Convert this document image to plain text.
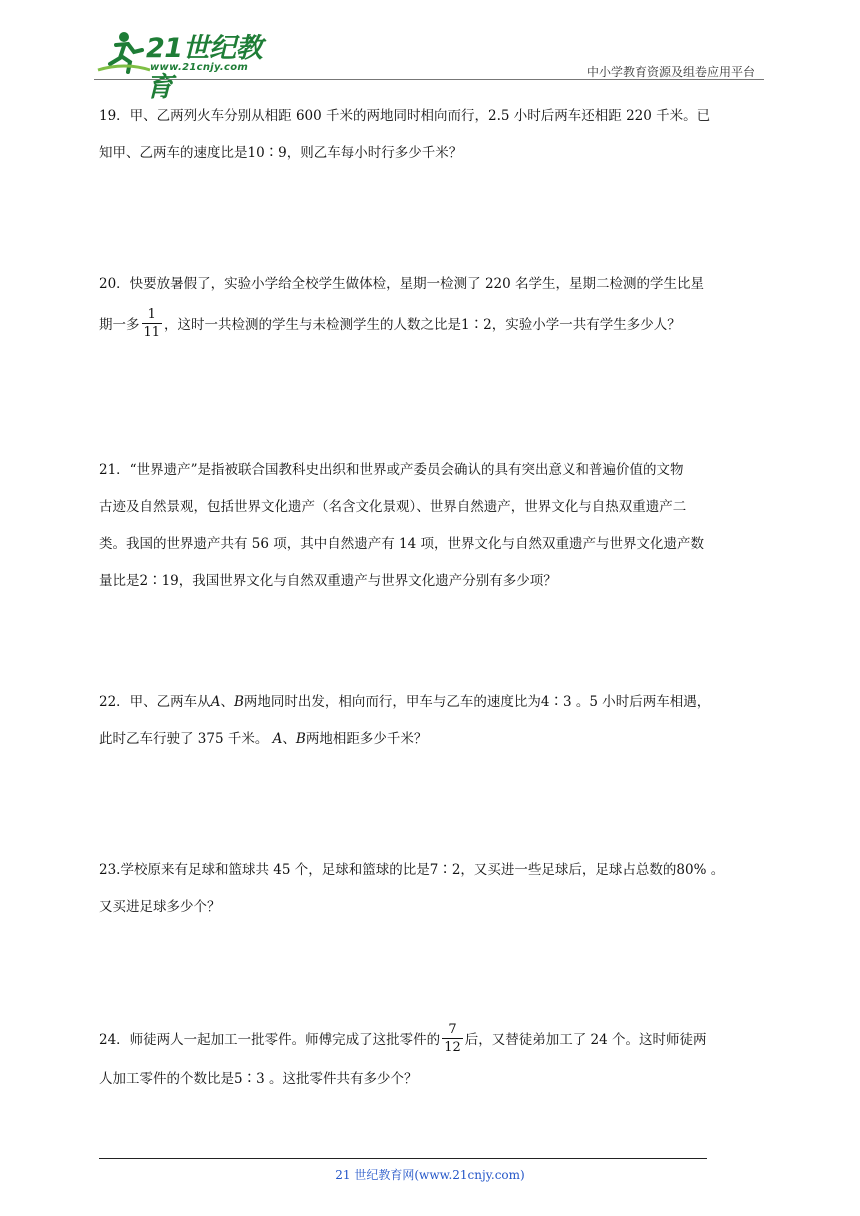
21世纪教育
www.21cnjy.com	中小学教育资源及组卷应用平台
19．甲、乙两列火车分别从相距 600 千米的两地同时相向而行，2.5 小时后两车还相距 220 千米。已
知甲、乙两车的速度比是10∶9，则乙车每小时行多少千米？
20．快要放暑假了，实验小学给全校学生做体检，星期一检测了 220 名学生，星期二检测的学生比星
期一多 $\frac{1}{11}$ ，这时一共检测的学生与未检测学生的人数之比是1∶2，实验小学一共有学生多少人？
21．“世界遗产”是指被联合国教科史出织和世界或产委员会确认的具有突出意义和普遍价值的文物
古迹及自然景观，包括世界文化遗产（名含文化景观）、世界自然遗产，世界文化与自热双重遗产二
类。我国的世界遗产共有 56 项，其中自然遗产有 14 项，世界文化与自然双重遗产与世界文化遗产数
量比是2∶19，我国世界文化与自然双重遗产与世界文化遗产分别有多少项？
22．甲、乙两车从A、B两地同时出发，相向而行，甲车与乙车的速度比为4∶3 。5 小时后两车相遇，
此时乙车行驶了 375 千米。 A、B两地相距多少千米？
23.学校原来有足球和篮球共 45 个，足球和篮球的比是7∶2，又买进一些足球后，足球占总数的80% 。
又买进足球多少个？
24．师徒两人一起加工一批零件。师傅完成了这批零件的 $\frac{7}{12}$ 后，又替徒弟加工了 24 个。这时师徒两
人加工零件的个数比是5∶3 。这批零件共有多少个？
21 世纪教育网(www.21cnjy.com)
